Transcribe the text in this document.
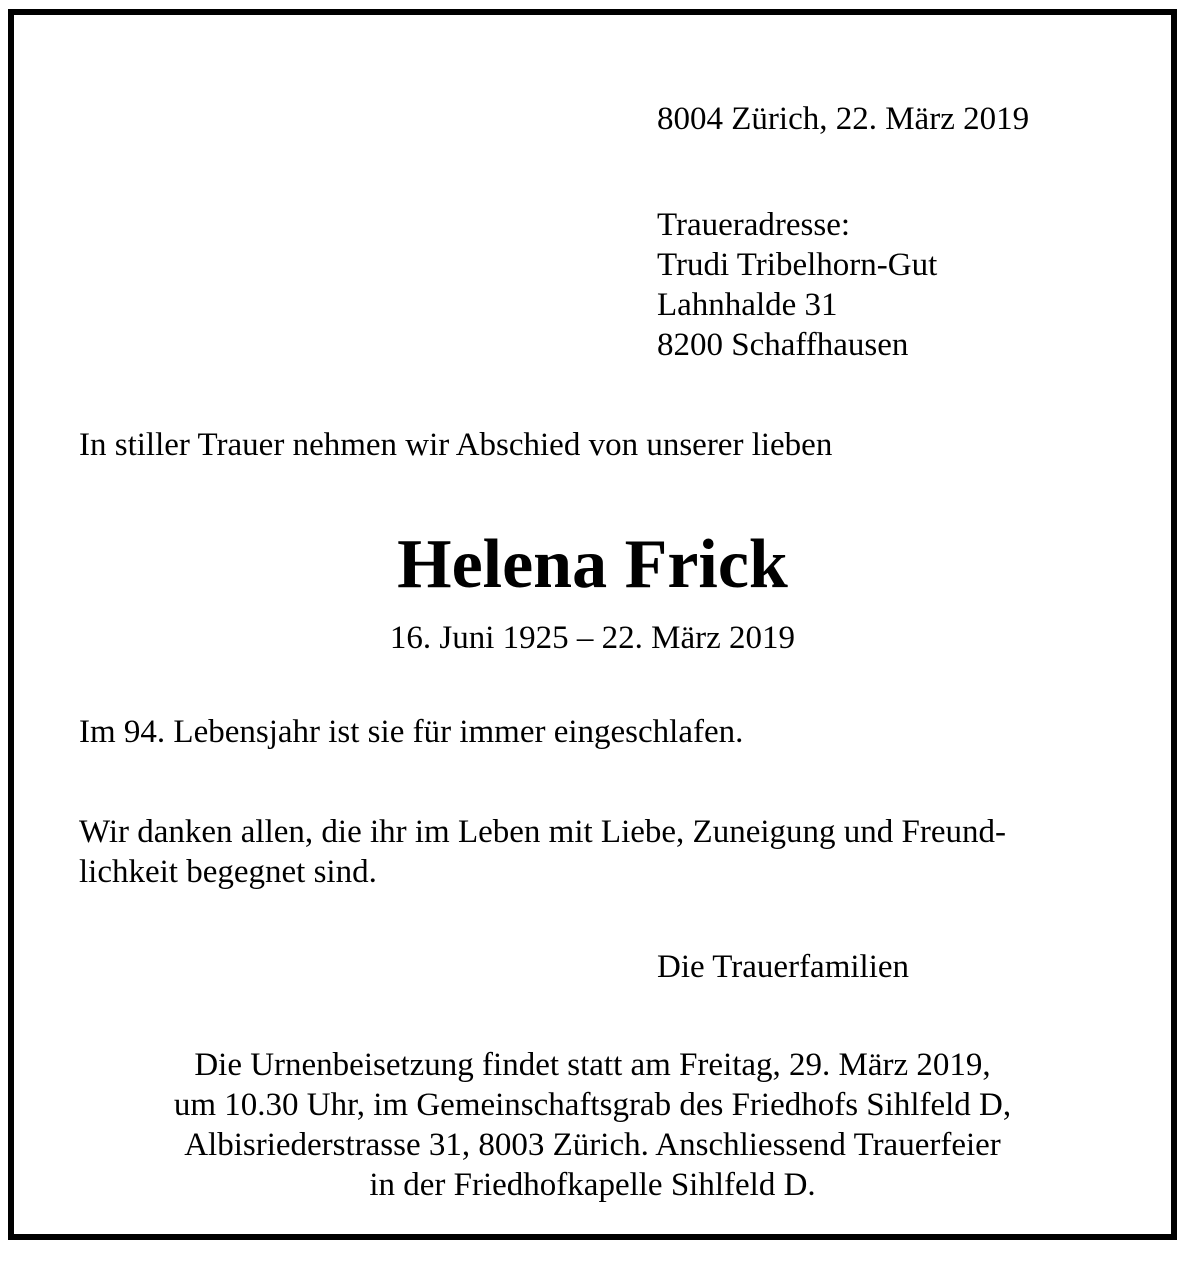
8004 Zürich, 22. März 2019

Traueradresse:

Trudi Tribelhorn-Gut

Lahnhalde 31

8200 Schaffhausen

In stiller Trauer nehmen wir Abschied von unserer lieben

Helena Frick

16. Juni 1925 – 22. März 2019

Im 94. Lebensjahr ist sie für immer eingeschlafen.

Wir danken allen, die ihr im Leben mit Liebe, Zuneigung und Freund-

lichkeit begegnet sind.

Die Trauerfamilien

Die Urnenbeisetzung findet statt am Freitag, 29. März 2019,

um 10.30 Uhr, im Gemeinschaftsgrab des Friedhofs Sihlfeld D,

Albisriederstrasse 31, 8003 Zürich. Anschliessend Trauerfeier

in der Friedhofkapelle Sihlfeld D.
